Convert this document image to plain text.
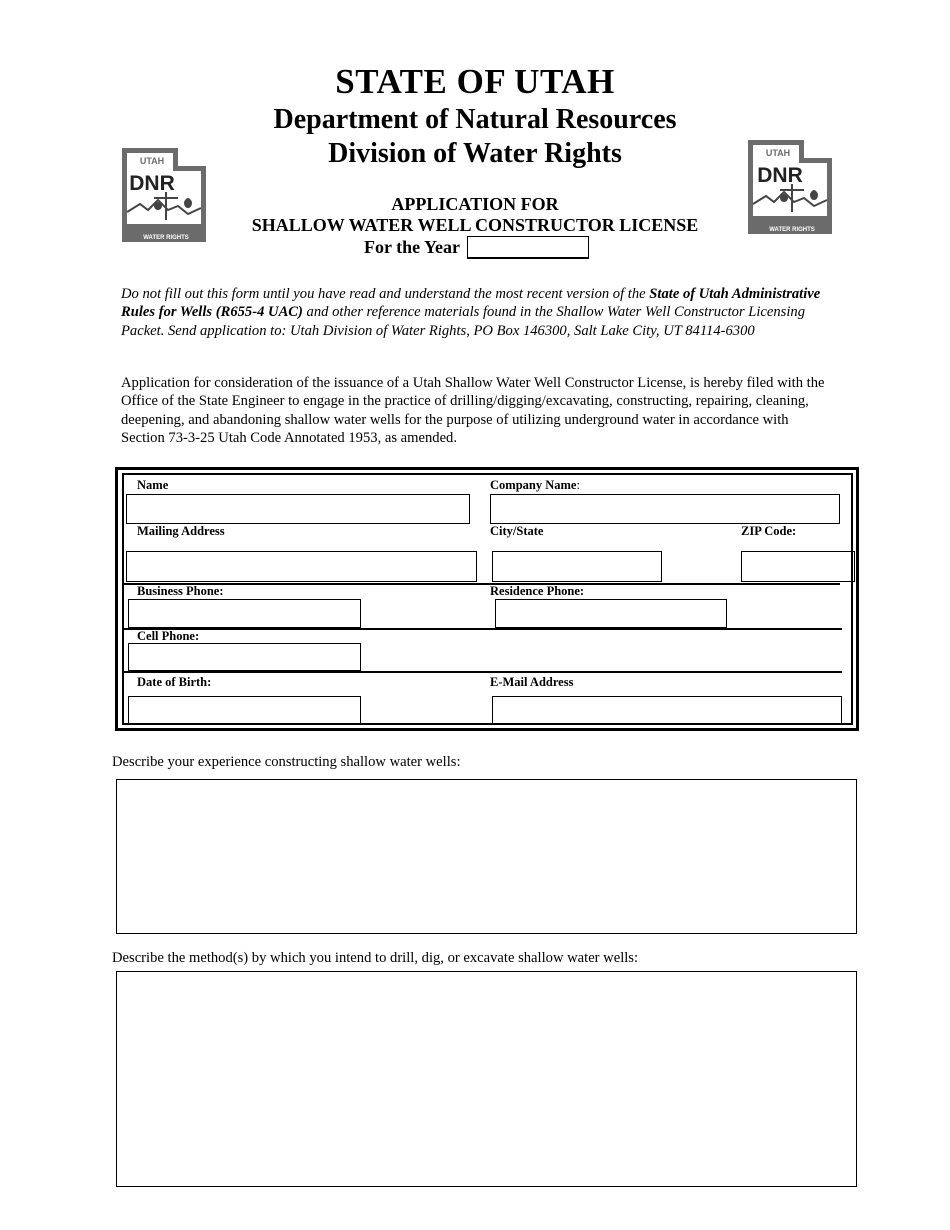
STATE OF UTAH
Department of Natural Resources
Division of Water Rights
APPLICATION FOR
SHALLOW WATER WELL CONSTRUCTOR LICENSE
For the Year
UTAH
DNR
WATER RIGHTS
UTAH
DNR
WATER RIGHTS
Do not fill out this form until you have read and understand the most recent version of the State of Utah Administrative Rules for Wells (R655-4 UAC) and other reference materials found in the Shallow Water Well Constructor Licensing Packet. Send application to: Utah Division of Water Rights, PO Box 146300, Salt Lake City, UT 84114-6300
Application for consideration of the issuance of a Utah Shallow Water Well Constructor License, is hereby filed with the Office of the State Engineer to engage in the practice of drilling/digging/excavating, constructing, repairing, cleaning, deepening, and abandoning shallow water wells for the purpose of utilizing underground water in accordance with Section 73-3-25 Utah Code Annotated 1953, as amended.
Name	Company Name:
Mailing Address	City/State	ZIP Code:
Business Phone:	Residence Phone:
Cell Phone:
Date of Birth:	E-Mail Address
Describe your experience constructing shallow water wells:
Describe the method(s) by which you intend to drill, dig, or excavate shallow water wells:
